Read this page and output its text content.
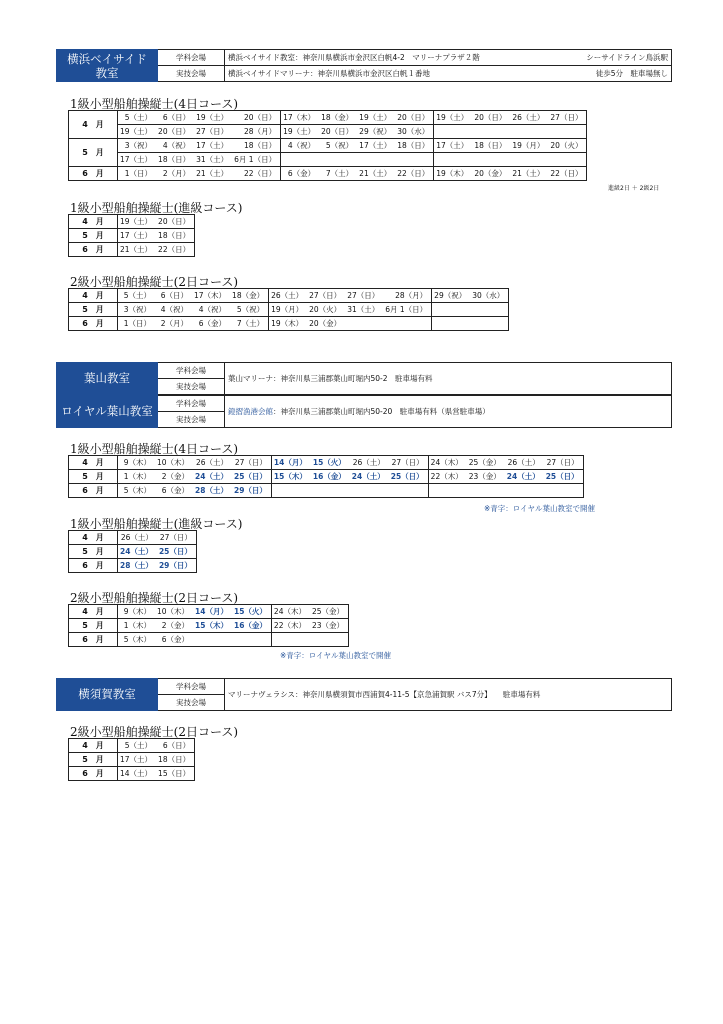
横浜ベイサイド
教室	学科会場	横浜ベイサイド教室：神奈川県横浜市金沢区白帆4-2　マリーナプラザ２階 シーサイドライン鳥浜駅

	実技会場	横浜ベイサイドマリーナ：神奈川県横浜市金沢区白帆１番地 徒歩5分　駐車場無し
1級小型船舶操縦士(4日コース)
4　月	5（土）	6（日）	19（土）	20（日）	17（木）	18（金）	19（土）	20（日）	19（土）	20（日）	26（土）	27（日）
	19（土）	20（日）	27（日）	28（月）	19（土）	20（日）	29（祝）	30（水）				
5　月	3（祝）	4（祝）	17（土）	18（日）	4（祝）	5（祝）	17（土）	18（日）	17（土）	18（日）	19（月）	20（火）
	17（土）	18（日）	31（土）	6月 1（日）								
6　月	1（日）	2（月）	21（土）	22（日）	6（金）	7（土）	21（土）	22（日）	19（木）	20（金）	21（土）	22（日）
進級2日 ＋ 2級2日
1級小型船舶操縦士(進級コース)
4　月	19（土）	20（日）
5　月	17（土）	18（日）
6　月	21（土）	22（日）
2級小型船舶操縦士(2日コース)
4　月	5（土）	6（日）	17（木）	18（金）	26（土）	27（日）	27（日）	28（月）	29（祝）	30（水）
5　月	3（祝）	4（祝）	4（祝）	5（祝）	19（月）	20（火）	31（土）	6月 1（日）		
6　月	1（日）	2（月）	6（金）	7（土）	19（木）	20（金）				
葉山教室	学科会場	葉山マリーナ：神奈川県三浦郡葉山町堀内50-2　駐車場有料
実技会場
ロイヤル葉山教室	学科会場	鐙摺漁港会館：神奈川県三浦郡葉山町堀内50-20　駐車場有料（県営駐車場）
実技会場
1級小型船舶操縦士(4日コース)
4　月	9（木）	10（木）	26（土）	27（日）	14（月）	15（火）	26（土）	27（日）	24（木）	25（金）	26（土）	27（日）
5　月	1（木）	2（金）	24（土）	25（日）	15（木）	16（金）	24（土）	25（日）	22（木）	23（金）	24（土）	25（日）
6　月	5（木）	6（金）	28（土）	29（日）								
※青字：ロイヤル葉山教室で開催
1級小型船舶操縦士(進級コース)
4　月	26（土）	27（日）
5　月	24（土）	25（日）
6　月	28（土）	29（日）
2級小型船舶操縦士(2日コース)
4　月	9（木）	10（木）	14（月）	15（火）	24（木）	25（金）
5　月	1（木）	2（金）	15（木）	16（金）	22（木）	23（金）
6　月	5（木）	6（金）				
※青字：ロイヤル葉山教室で開催
横須賀教室	学科会場	マリーナヴェラシス：神奈川県横須賀市西浦賀4-11-5【京急浦賀駅 バス7分】　　駐車場有料
実技会場
2級小型船舶操縦士(2日コース)
4　月	5（土）	6（日）
5　月	17（土）	18（日）
6　月	14（土）	15（日）
